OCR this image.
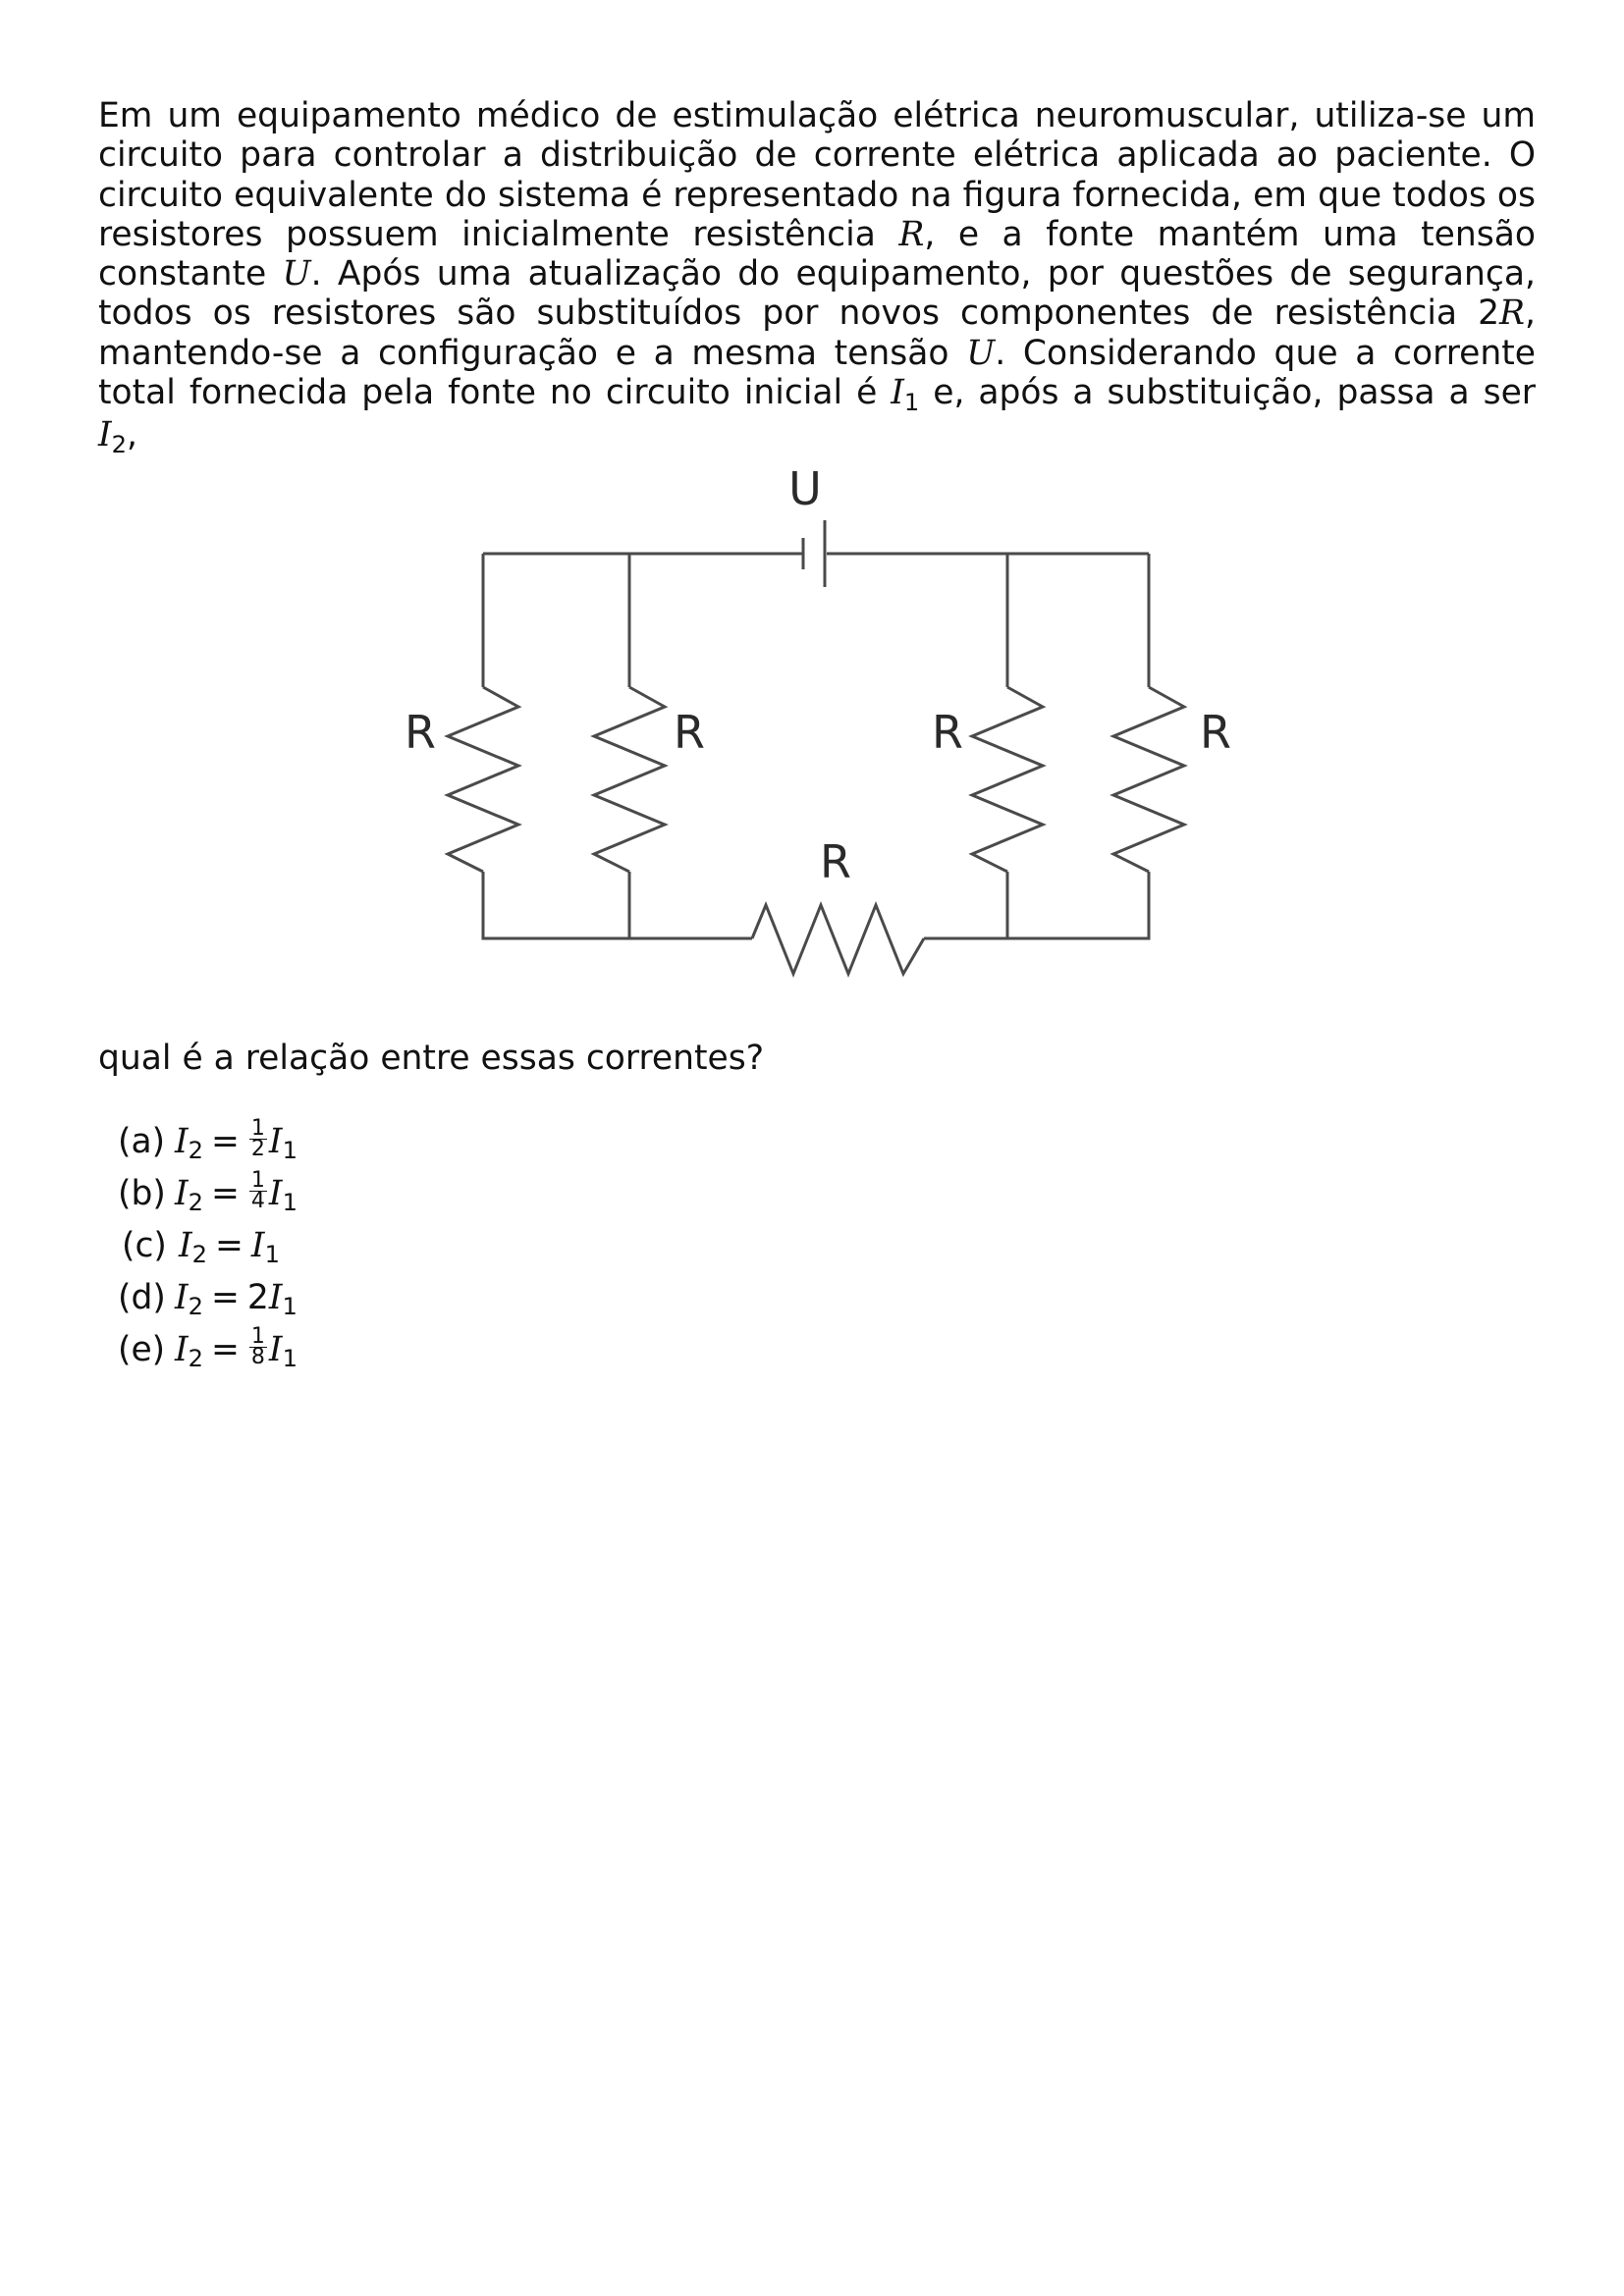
Em um equipamento médico de estimulação elétrica neuromuscular, utiliza-se um circuito para controlar a distribuição de corrente elétrica aplicada ao paciente. O circuito equivalente do sistema é representado na figura fornecida, em que todos os resistores possuem inicialmente resistência R, e a fonte mantém uma tensão constante U. Após uma atualização do equipamento, por questões de segurança, todos os resistores são substituídos por novos componentes de resistência 2R, mantendo-se a configuração e a mesma tensão U. Considerando que a corrente total fornecida pela fonte no circuito inicial é I1 e, após a substituição, passa a ser I2,

U
R	R	R	R
R

qual é a relação entre essas correntes?

(a) $I2 = \frac{1}{2} I1$
(b) $I2 = \frac{1}{4} I1$
(c) I2 = I1
(d) I2 = 2 I1
(e) $I2 = \frac{1}{8} I1$
